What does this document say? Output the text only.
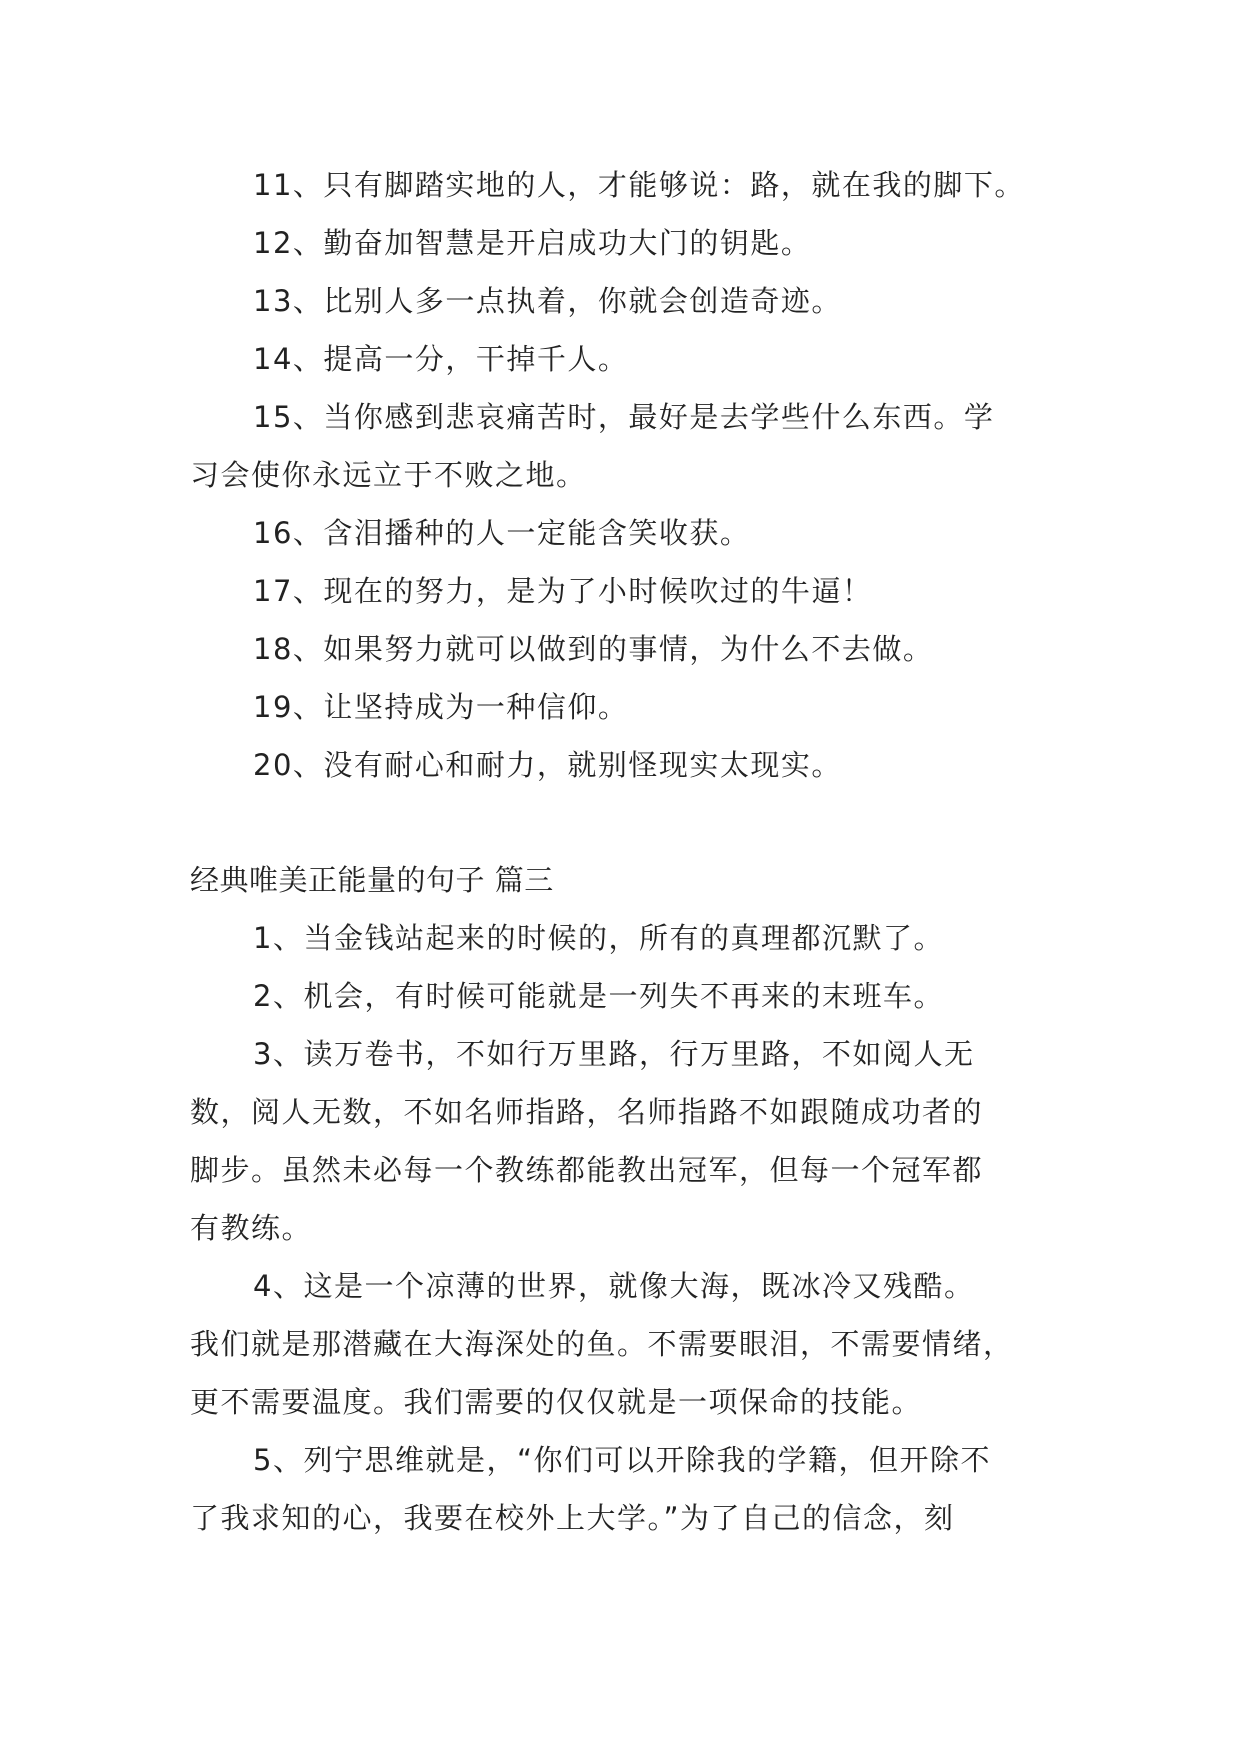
11、只有脚踏实地的人，才能够说：路，就在我的脚下。
12、勤奋加智慧是开启成功大门的钥匙。
13、比别人多一点执着，你就会创造奇迹。
14、提高一分，干掉千人。
15、当你感到悲哀痛苦时，最好是去学些什么东西。学
习会使你永远立于不败之地。
16、含泪播种的人一定能含笑收获。
17、现在的努力，是为了小时候吹过的牛逼！
18、如果努力就可以做到的事情，为什么不去做。
19、让坚持成为一种信仰。
20、没有耐心和耐力，就别怪现实太现实。
经典唯美正能量的句子 篇三
1、当金钱站起来的时候的，所有的真理都沉默了。
2、机会，有时候可能就是一列失不再来的末班车。
3、读万卷书，不如行万里路，行万里路，不如阅人无
数，阅人无数，不如名师指路，名师指路不如跟随成功者的
脚步。虽然未必每一个教练都能教出冠军，但每一个冠军都
有教练。
4、这是一个凉薄的世界，就像大海，既冰冷又残酷。
我们就是那潜藏在大海深处的鱼。不需要眼泪，不需要情绪，
更不需要温度。我们需要的仅仅就是一项保命的技能。
5、列宁思维就是，“你们可以开除我的学籍，但开除不
了我求知的心，我要在校外上大学。”为了自己的信念，刻
